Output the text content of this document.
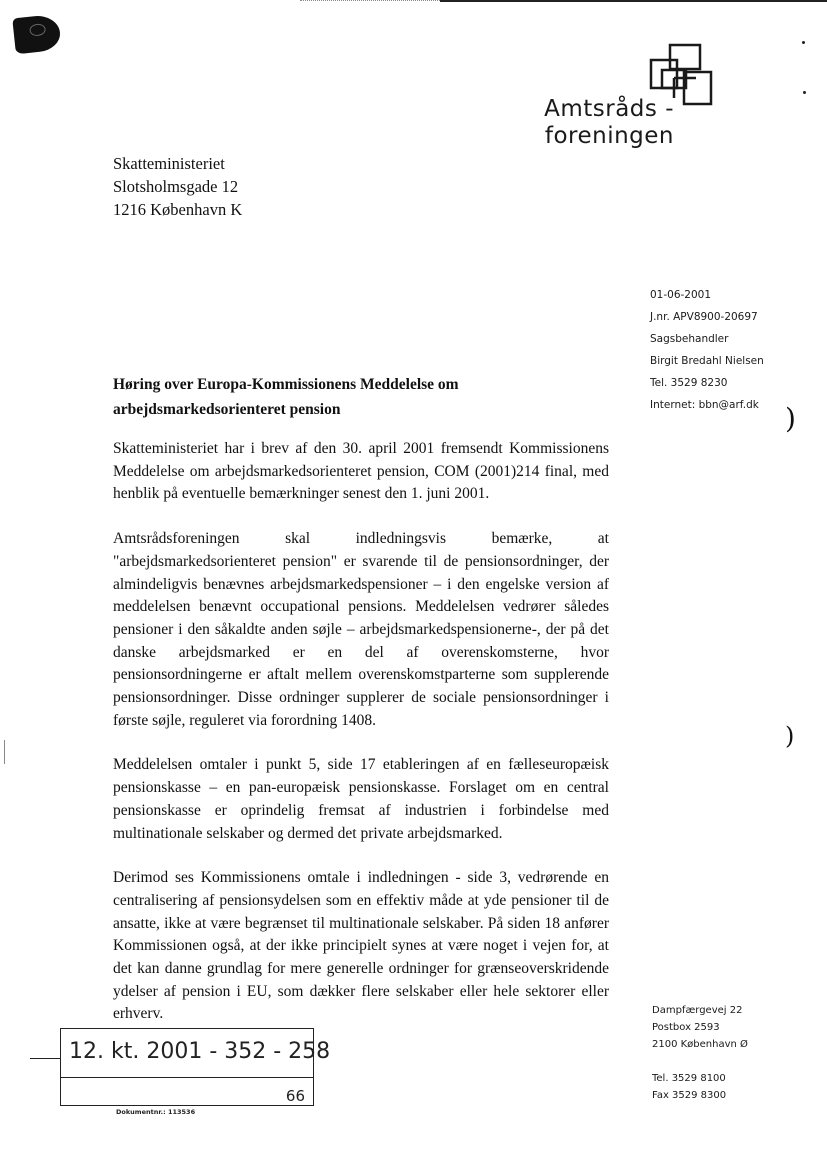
Amtsråds -
foreningen
Skatteministeriet
Slotsholmsgade 12
1216 København K
01-06-2001
J.nr. APV8900-20697
Sagsbehandler
Birgit Bredahl Nielsen
Tel. 3529 8230
Internet: bbn@arf.dk )
)
Høring over Europa-Kommissionens Meddelelse om arbejdsmarkedsorienteret pension

Skatteministeriet har i brev af den 30. april 2001 fremsendt Kommissionens Meddelelse om arbejdsmarkedsorienteret pension, COM (2001)214 final, med henblik på eventuelle bemærkninger senest den 1. juni 2001.

Amtsrådsforeningen skal indledningsvis bemærke, at "arbejdsmarkedsorienteret pension" er svarende til de pensionsordninger, der almindeligvis benævnes arbejdsmarkedspensioner – i den engelske version af meddelelsen benævnt occupational pensions. Meddelelsen vedrører således pensioner i den såkaldte anden søjle – arbejdsmarkedspensionerne-, der på det danske arbejdsmarked er en del af overenskomsterne, hvor pensionsordningerne er aftalt mellem overenskomstparterne som supplerende pensionsordninger. Disse ordninger supplerer de sociale pensionsordninger i første søjle, reguleret via forordning 1408.

Meddelelsen omtaler i punkt 5, side 17 etableringen af en fælleseuropæisk pensionskasse – en pan-europæisk pensionskasse. Forslaget om en central pensionskasse er oprindelig fremsat af industrien i forbindelse med multinationale selskaber og dermed det private arbejdsmarked.

Derimod ses Kommissionens omtale i indledningen - side 3, vedrørende en centralisering af pensionsydelsen som en effektiv måde at yde pensioner til de ansatte, ikke at være begrænset til multinationale selskaber. På siden 18 anfører Kommissionen også, at der ikke principielt synes at være noget i vejen for, at det kan danne grundlag for mere generelle ordninger for grænseoverskridende ydelser af pension i EU, som dækker flere selskaber eller hele sektorer eller erhverv.	Dampfærgevej 22
Postbox 2593
2100 København Ø
Tel. 3529 8100
Fax 3529 8300
12. kt. 2001 - 352 - 258
66
Dokumentnr.: 113536
